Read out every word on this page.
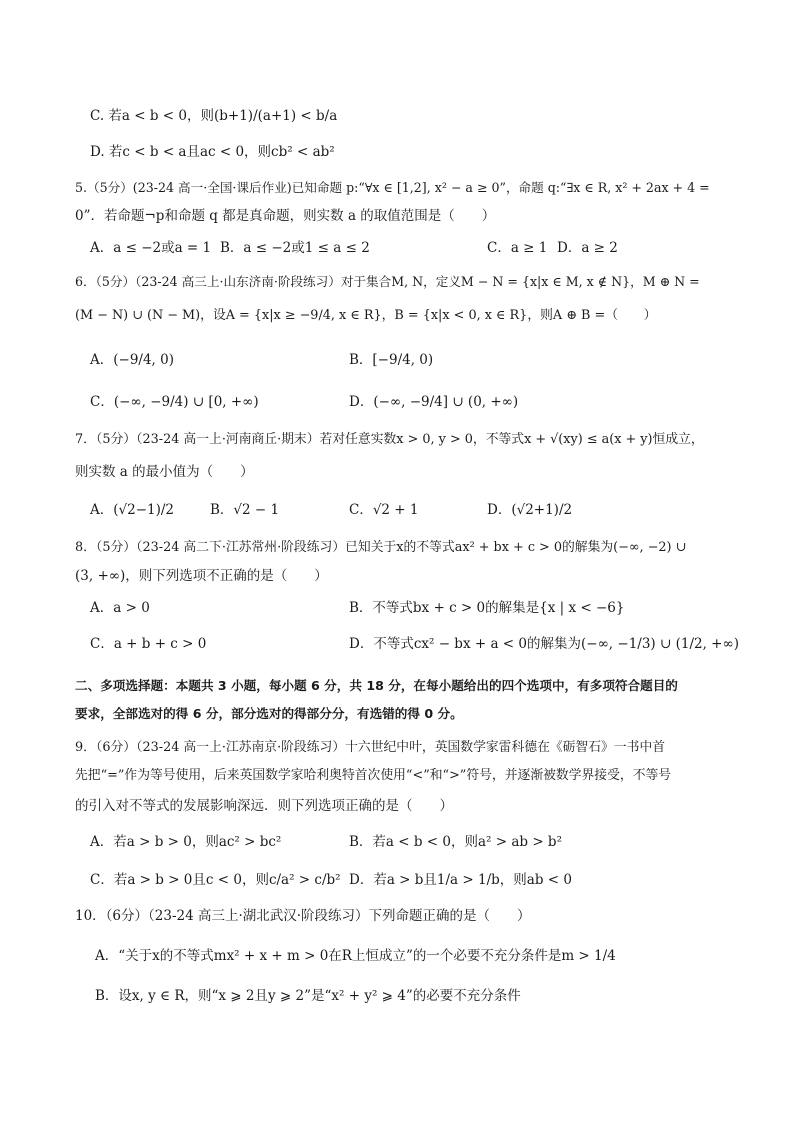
C. 若a < b < 0，则(b+1)/(a+1) < b/a
D. 若c < b < a且ac < 0，则cb² < ab²
5.（5分）(23-24 高一·全国·课后作业)已知命题 p:“∀x ∈ [1,2], x² − a ≥ 0”，命题 q:“∃x ∈ R, x² + 2ax + 4 =
0”．若命题¬p和命题 q 都是真命题，则实数 a 的取值范围是（　　）
A．a ≤ −2或a = 1 B．a ≤ −2或1 ≤ a ≤ 2	C．a ≥ 1 D．a ≥ 2
6．（5分）（23-24 高三上·山东济南·阶段练习）对于集合M, N，定义M − N = {x|x ∈ M, x ∉ N}，M ⊕ N =
(M − N) ∪ (N − M)，设A = {x|x ≥ −9/4, x ∈ R}，B = {x|x < 0, x ∈ R}，则A ⊕ B =（　　）
A．(−9/4, 0)	B．[−9/4, 0)
C．(−∞, −9/4) ∪ [0, +∞)	D．(−∞, −9/4] ∪ (0, +∞)
7．（5分）（23-24 高一上·河南商丘·期末）若对任意实数x > 0, y > 0，不等式x + √(xy) ≤ a(x + y)恒成立，
则实数 a 的最小值为（　　）
A．(√2−1)/2	B．√2 − 1	C．√2 + 1	D．(√2+1)/2
8．（5分）（23-24 高二下·江苏常州·阶段练习）已知关于x的不等式ax² + bx + c > 0的解集为(−∞, −2) ∪
(3, +∞)，则下列选项不正确的是（　　）
A．a > 0	B．不等式bx + c > 0的解集是{x | x < −6}
C．a + b + c > 0	D．不等式cx² − bx + a < 0的解集为(−∞, −1/3) ∪ (1/2, +∞)
二、多项选择题：本题共 3 小题，每小题 6 分，共 18 分，在每小题给出的四个选项中，有多项符合题目的
要求，全部选对的得 6 分，部分选对的得部分分，有选错的得 0 分。
9．（6分）（23-24 高一上·江苏南京·阶段练习）十六世纪中叶，英国数学家雷科德在《砺智石》一书中首
先把“=”作为等号使用，后来英国数学家哈利奥特首次使用“<”和“>”符号，并逐渐被数学界接受，不等号
的引入对不等式的发展影响深远．则下列选项正确的是（　　）
A．若a > b > 0，则ac² > bc²	B．若a < b < 0，则a² > ab > b²
C．若a > b > 0且c < 0，则c/a² > c/b² D．若a > b且1/a > 1/b，则ab < 0
10．（6分）（23-24 高三上·湖北武汉·阶段练习）下列命题正确的是（　　）
A．“关于x的不等式mx² + x + m > 0在R上恒成立”的一个必要不充分条件是m > 1/4
B．设x, y ∈ R，则“x ⩾ 2且y ⩾ 2”是“x² + y² ⩾ 4”的必要不充分条件
